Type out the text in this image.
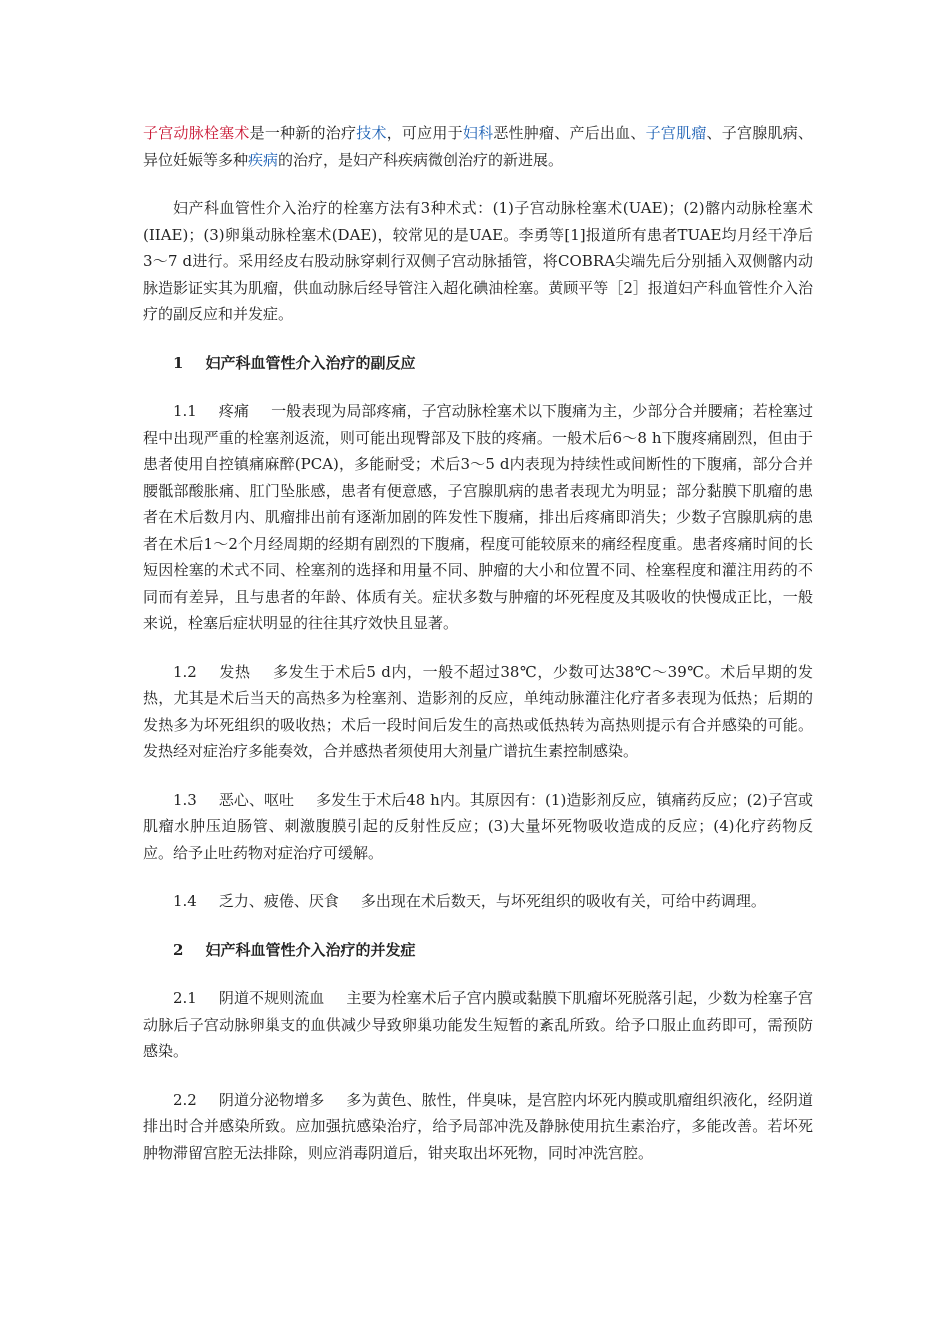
子宫动脉栓塞术是一种新的治疗技术，可应用于妇科恶性肿瘤、产后出血、子宫肌瘤、子宫腺肌病、异位妊娠等多种疾病的治疗，是妇产科疾病微创治疗的新进展。

妇产科血管性介入治疗的栓塞方法有3种术式：(1)子宫动脉栓塞术(UAE)；(2)髂内动脉栓塞术(IIAE)；(3)卵巢动脉栓塞术(DAE)，较常见的是UAE。李勇等[1]报道所有患者TUAE均月经干净后3～7 d进行。采用经皮右股动脉穿刺行双侧子宫动脉插管，将COBRA尖端先后分别插入双侧髂内动脉造影证实其为肌瘤，供血动脉后经导管注入超化碘油栓塞。黄顾平等［2］报道妇产科血管性介入治疗的副反应和并发症。

1 妇产科血管性介入治疗的副反应

1.1 疼痛 一般表现为局部疼痛，子宫动脉栓塞术以下腹痛为主，少部分合并腰痛；若栓塞过程中出现严重的栓塞剂返流，则可能出现臀部及下肢的疼痛。一般术后6～8 h下腹疼痛剧烈，但由于患者使用自控镇痛麻醉(PCA)，多能耐受；术后3～5 d内表现为持续性或间断性的下腹痛，部分合并腰骶部酸胀痛、肛门坠胀感，患者有便意感，子宫腺肌病的患者表现尤为明显；部分黏膜下肌瘤的患者在术后数月内、肌瘤排出前有逐渐加剧的阵发性下腹痛，排出后疼痛即消失；少数子宫腺肌病的患者在术后1～2个月经周期的经期有剧烈的下腹痛，程度可能较原来的痛经程度重。患者疼痛时间的长短因栓塞的术式不同、栓塞剂的选择和用量不同、肿瘤的大小和位置不同、栓塞程度和灌注用药的不同而有差异，且与患者的年龄、体质有关。症状多数与肿瘤的坏死程度及其吸收的快慢成正比，一般来说，栓塞后症状明显的往往其疗效快且显著。

1.2 发热 多发生于术后5 d内，一般不超过38℃，少数可达38℃～39℃。术后早期的发热，尤其是术后当天的高热多为栓塞剂、造影剂的反应，单纯动脉灌注化疗者多表现为低热；后期的发热多为坏死组织的吸收热；术后一段时间后发生的高热或低热转为高热则提示有合并感染的可能。发热经对症治疗多能奏效，合并感热者须使用大剂量广谱抗生素控制感染。

1.3 恶心、呕吐 多发生于术后48 h内。其原因有：(1)造影剂反应，镇痛药反应；(2)子宫或肌瘤水肿压迫肠管、刺激腹膜引起的反射性反应；(3)大量坏死物吸收造成的反应；(4)化疗药物反应。给予止吐药物对症治疗可缓解。

1.4 乏力、疲倦、厌食 多出现在术后数天，与坏死组织的吸收有关，可给中药调理。

2 妇产科血管性介入治疗的并发症

2.1 阴道不规则流血 主要为栓塞术后子宫内膜或黏膜下肌瘤坏死脱落引起，少数为栓塞子宫动脉后子宫动脉卵巢支的血供减少导致卵巢功能发生短暂的紊乱所致。给予口服止血药即可，需预防感染。

2.2 阴道分泌物增多 多为黄色、脓性，伴臭味，是宫腔内坏死内膜或肌瘤组织液化，经阴道排出时合并感染所致。应加强抗感染治疗，给予局部冲洗及静脉使用抗生素治疗，多能改善。若坏死肿物滞留宫腔无法排除，则应消毒阴道后，钳夹取出坏死物，同时冲洗宫腔。
